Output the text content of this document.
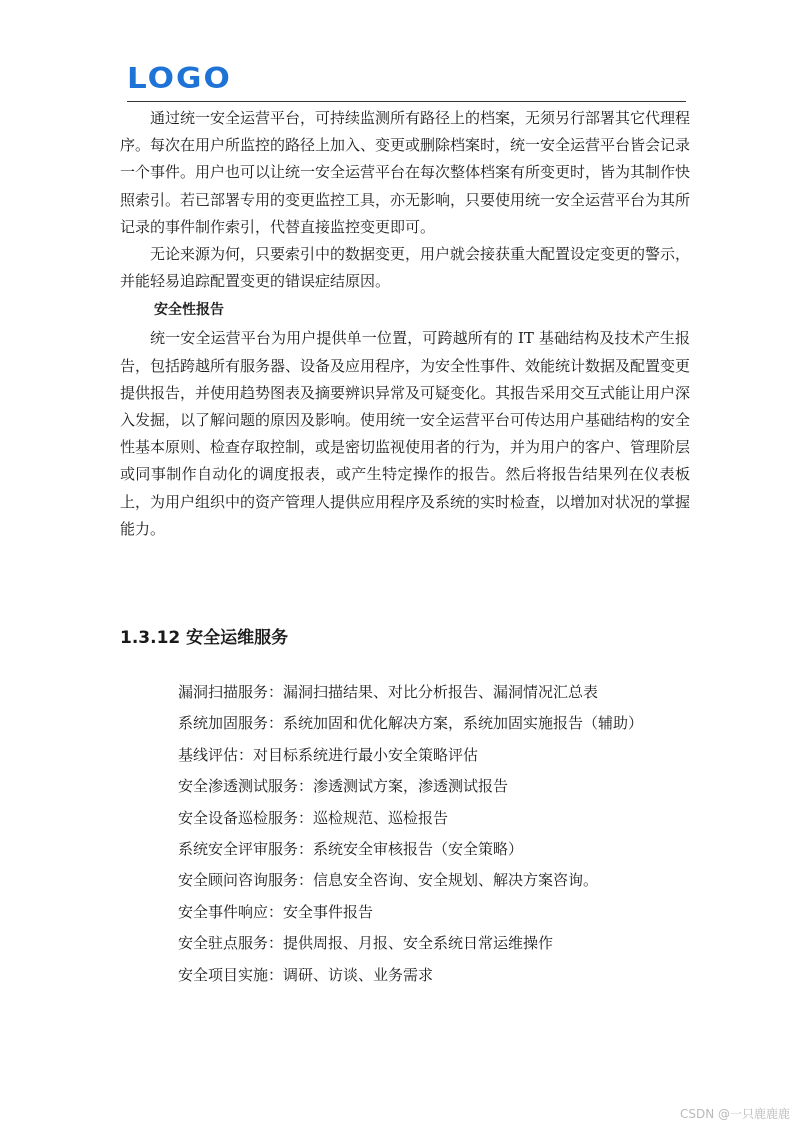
LOGO

通过统一安全运营平台，可持续监测所有路径上的档案，无须另行部署其它代理程序。每次在用户所监控的路径上加入、变更或删除档案时，统一安全运营平台皆会记录一个事件。用户也可以让统一安全运营平台在每次整体档案有所变更时，皆为其制作快照索引。若已部署专用的变更监控工具，亦无影响，只要使用统一安全运营平台为其所记录的事件制作索引，代替直接监控变更即可。

无论来源为何，只要索引中的数据变更，用户就会接获重大配置设定变更的警示，并能轻易追踪配置变更的错误症结原因。

安全性报告

统一安全运营平台为用户提供单一位置，可跨越所有的 IT 基础结构及技术产生报告，包括跨越所有服务器、设备及应用程序，为安全性事件、效能统计数据及配置变更提供报告，并使用趋势图表及摘要辨识异常及可疑变化。其报告采用交互式能让用户深入发掘，以了解问题的原因及影响。使用统一安全运营平台可传达用户基础结构的安全性基本原则、检查存取控制，或是密切监视使用者的行为，并为用户的客户、管理阶层或同事制作自动化的调度报表，或产生特定操作的报告。然后将报告结果列在仪表板上，为用户组织中的资产管理人提供应用程序及系统的实时检查，以增加对状况的掌握能力。

1.3.12 安全运维服务
漏洞扫描服务：漏洞扫描结果、对比分析报告、漏洞情况汇总表
系统加固服务：系统加固和优化解决方案，系统加固实施报告（辅助）
基线评估：对目标系统进行最小安全策略评估
安全渗透测试服务：渗透测试方案，渗透测试报告
安全设备巡检服务：巡检规范、巡检报告
系统安全评审服务：系统安全审核报告（安全策略）
安全顾问咨询服务：信息安全咨询、安全规划、解决方案咨询。
安全事件响应：安全事件报告
安全驻点服务：提供周报、月报、安全系统日常运维操作
安全项目实施：调研、访谈、业务需求
CSDN @一只鹿鹿鹿
